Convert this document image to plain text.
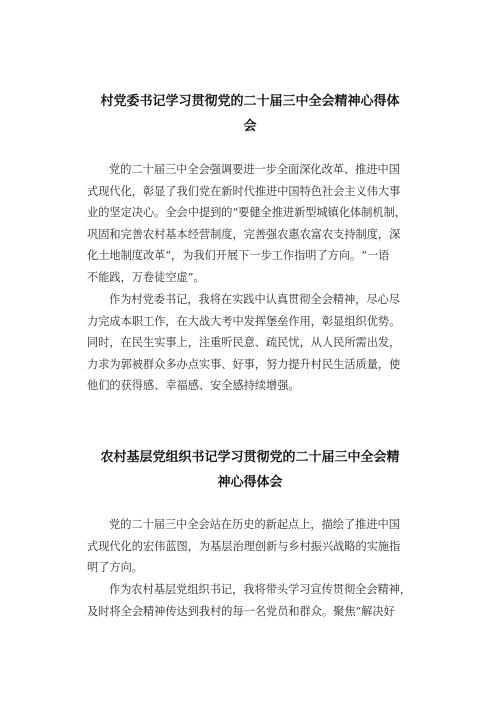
村党委书记学习贯彻党的二十届三中全会精神心得体
会
党的二十届三中全会强调要进一步全面深化改革、推进中国
式现代化，彰显了我们党在新时代推进中国特色社会主义伟大事
业的坚定决心。全会中提到的“要健全推进新型城镇化体制机制，
巩固和完善农村基本经营制度，完善强农惠农富农支持制度，深
化土地制度改革“，为我们开展下一步工作指明了方向。“一语
不能践，万卷徒空虚”。
作为村党委书记，我将在实践中认真贯彻全会精神，尽心尽
力完成本职工作，在大战大考中发挥堡垒作用，彰显组织优势。
同时，在民生实事上，注重听民意、疏民忧，从人民所需出发，
力求为郭被群众多办点实事、好事，努力提升村民生活质量，使
他们的获得感、幸福感、安全感持续增强。
农村基层党组织书记学习贯彻党的二十届三中全会精
神心得体会
党的二十届三中全会站在历史的新起点上，描绘了推进中国
式现代化的宏伟蓝图，为基层治理创新与乡村振兴战略的实施指
明了方向。
作为农村基层党组织书记，我将带头学习宣传贯彻全会精神，
及时将全会精神传达到我村的每一名党员和群众。聚焦“解决好
